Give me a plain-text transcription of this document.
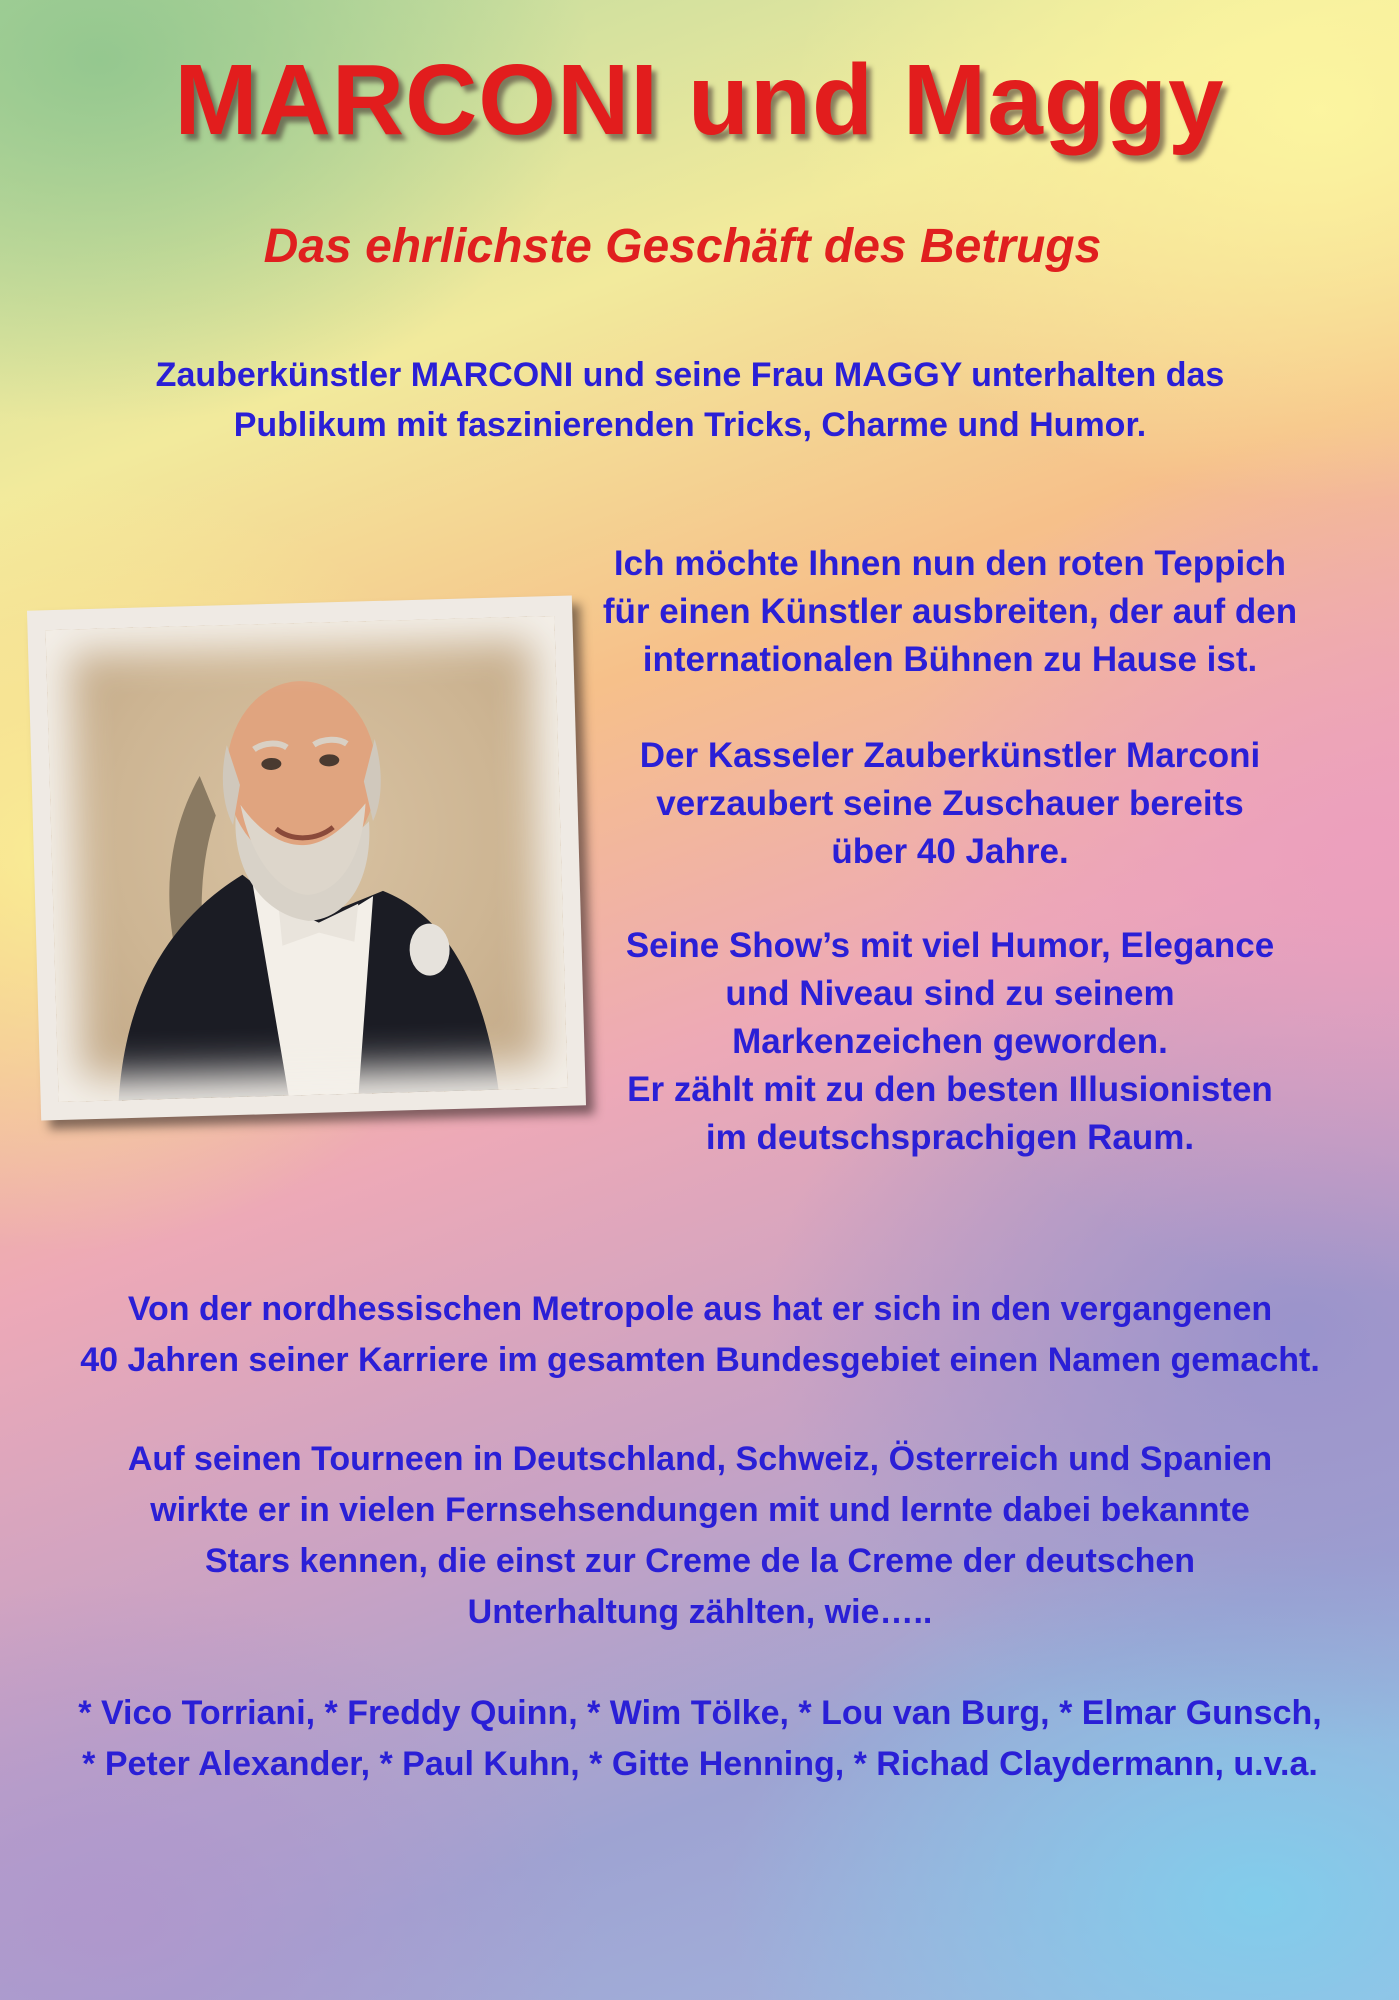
MARCONI und Maggy
Das ehrlichste Geschäft des Betrugs

Zauberkünstler MARCONI und seine Frau MAGGY unterhalten das
Publikum mit faszinierenden Tricks, Charme und Humor.

Ich möchte Ihnen nun den roten Teppich
für einen Künstler ausbreiten, der auf den
internationalen Bühnen zu Hause ist.

Der Kasseler Zauberkünstler Marconi
verzaubert seine Zuschauer bereits
über 40 Jahre.

Seine Show’s mit viel Humor, Elegance
und Niveau sind zu seinem
Markenzeichen geworden.
Er zählt mit zu den besten Illusionisten
im deutschsprachigen Raum.

Von der nordhessischen Metropole aus hat er sich in den vergangenen
40 Jahren seiner Karriere im gesamten Bundesgebiet einen Namen gemacht.

Auf seinen Tourneen in Deutschland, Schweiz, Österreich und Spanien
wirkte er in vielen Fernsehsendungen mit und lernte dabei bekannte
Stars kennen, die einst zur Creme de la Creme der deutschen
Unterhaltung zählten, wie…..

* Vico Torriani, * Freddy Quinn, * Wim Tölke, * Lou van Burg, * Elmar Gunsch,
* Peter Alexander, * Paul Kuhn, * Gitte Henning, * Richad Claydermann, u.v.a.
